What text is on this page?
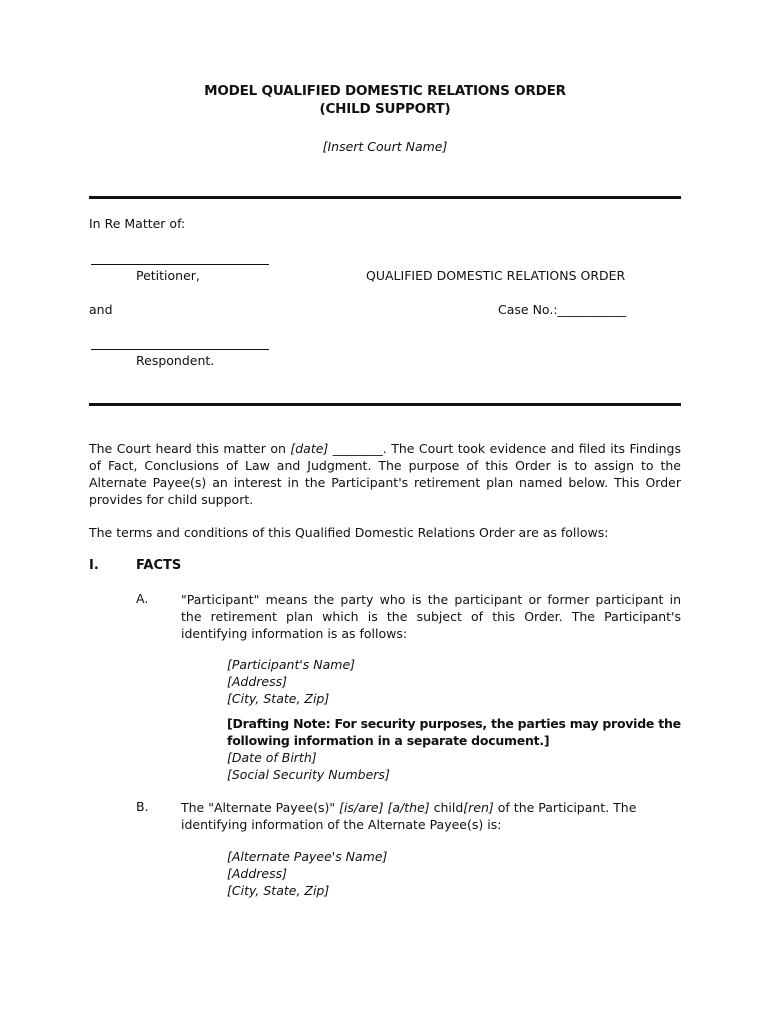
MODEL QUALIFIED DOMESTIC RELATIONS ORDER
(CHILD SUPPORT)
[Insert Court Name]
In Re Matter of:
Petitioner,	QUALIFIED DOMESTIC RELATIONS ORDER
and	Case No.:___________
Respondent.
The Court heard this matter on [date] ________. The Court took evidence and filed its Findings of Fact, Conclusions of Law and Judgment. The purpose of this Order is to assign to the Alternate Payee(s) an interest in the Participant's retirement plan named below. This Order provides for child support.
The terms and conditions of this Qualified Domestic Relations Order are as follows:
I.	FACTS
A.	"Participant" means the party who is the participant or former participant in the retirement plan which is the subject of this Order. The Participant's identifying information is as follows:
[Participant's Name]
[Address]
[City, State, Zip]
[Drafting Note: For security purposes, the parties may provide the following information in a separate document.]
[Date of Birth]
[Social Security Numbers]
B.	The "Alternate Payee(s)" [is/are] [a/the] child[ren] of the Participant. The identifying information of the Alternate Payee(s) is:
[Alternate Payee's Name]
[Address]
[City, State, Zip]
